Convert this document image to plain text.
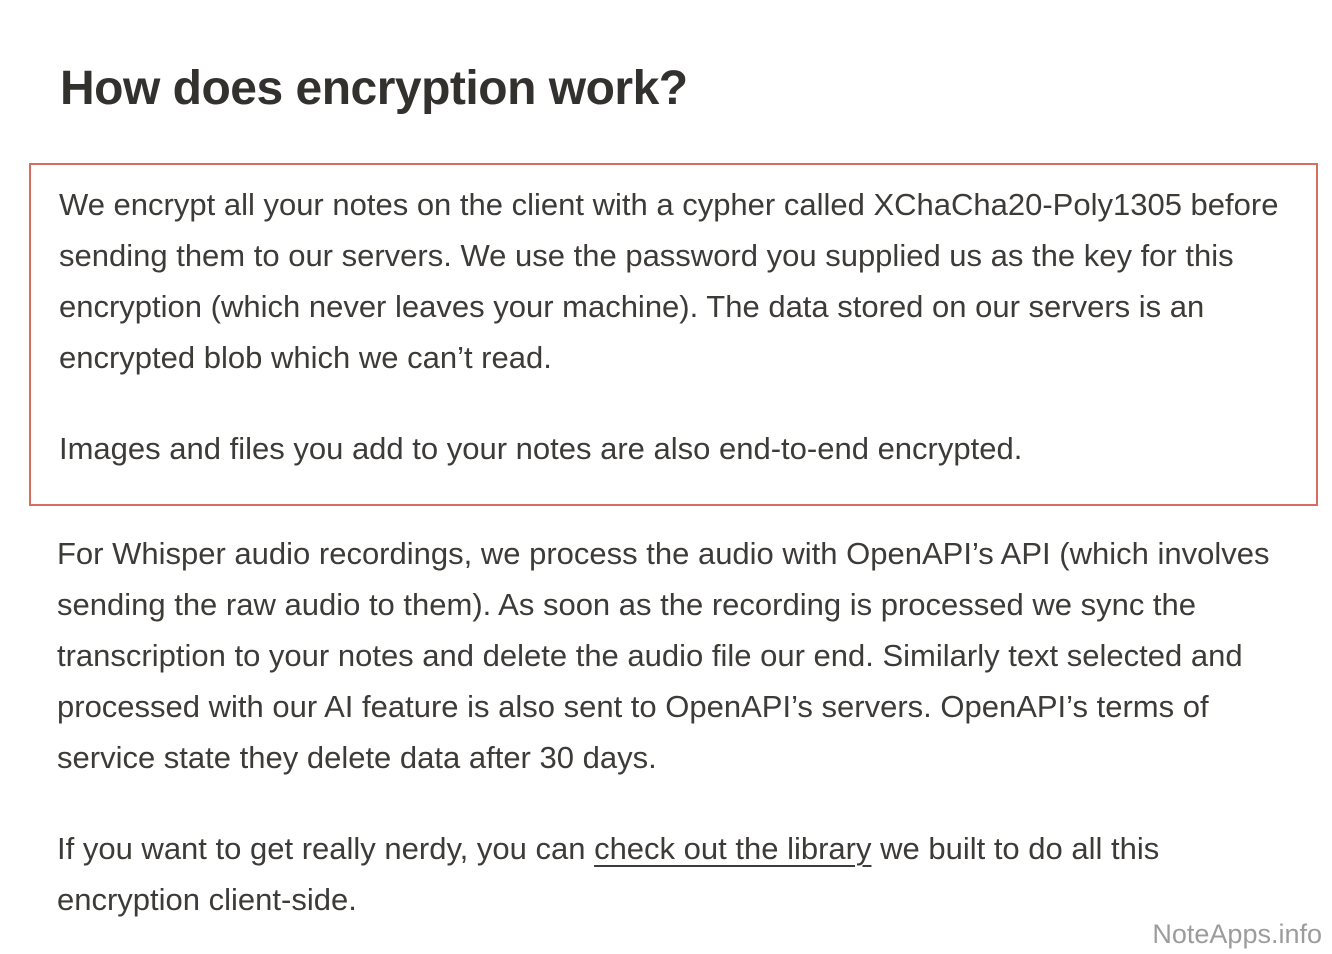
How does encryption work?

We encrypt all your notes on the client with a cypher called XChaCha20-Poly1305 before sending them to our servers. We use the password you supplied us as the key for this encryption (which never leaves your machine). The data stored on our servers is an encrypted blob which we can’t read.

Images and files you add to your notes are also end-to-end encrypted.

For Whisper audio recordings, we process the audio with OpenAPI’s API (which involves sending the raw audio to them). As soon as the recording is processed we sync the transcription to your notes and delete the audio file our end. Similarly text selected and processed with our AI feature is also sent to OpenAPI’s servers. OpenAPI’s terms of service state they delete data after 30 days.

If you want to get really nerdy, you can check out the library we built to do all this encryption client-side.

NoteApps.info
